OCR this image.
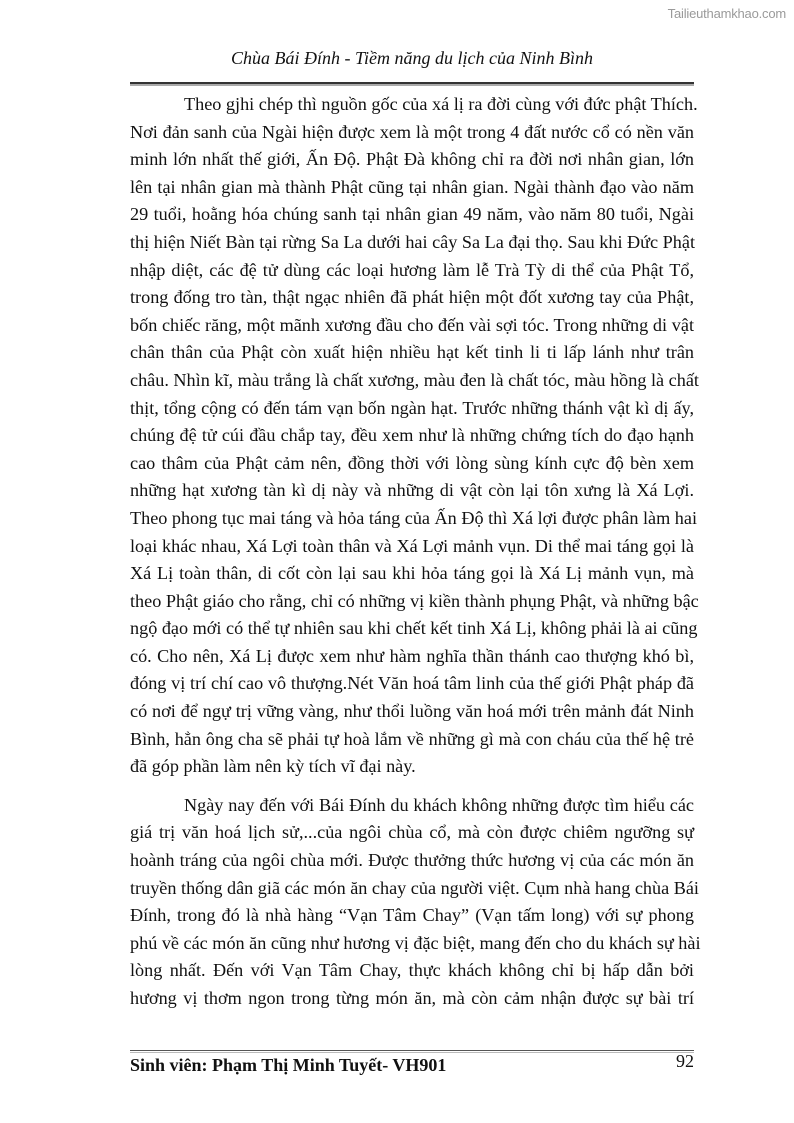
Tailieuthamkhao.com
Chùa Bái Đính - Tiềm năng du lịch của Ninh Bình
Theo gjhi chép thì nguồn gốc của xá lị ra đời cùng với đức phật Thích.
Nơi đản sanh của Ngài hiện được xem là một trong 4 đất nước cổ có nền văn
minh lớn nhất thế giới, Ấn Độ. Phật Đà không chỉ ra đời nơi nhân gian, lớn
lên tại nhân gian mà thành Phật cũng tại nhân gian. Ngài thành đạo vào năm
29 tuổi, hoằng hóa chúng sanh tại nhân gian 49 năm, vào năm 80 tuổi, Ngài
thị hiện Niết Bàn tại rừng Sa La dưới hai cây Sa La đại thọ. Sau khi Đức Phật
nhập diệt, các đệ tử dùng các loại hương làm lễ Trà Tỳ di thể của Phật Tổ,
trong đống tro tàn, thật ngạc nhiên đã phát hiện một đốt xương tay của Phật,
bốn chiếc răng, một mãnh xương đầu cho đến vài sợi tóc. Trong những di vật
chân thân của Phật còn xuất hiện nhiều hạt kết tinh li ti lấp lánh như trân
châu. Nhìn kĩ, màu trắng là chất xương, màu đen là chất tóc, màu hồng là chất
thịt, tổng cộng có đến tám vạn bốn ngàn hạt. Trước những thánh vật kì dị ấy,
chúng đệ tử cúi đầu chắp tay, đều xem như là những chứng tích do đạo hạnh
cao thâm của Phật cảm nên, đồng thời với lòng sùng kính cực độ bèn xem
những hạt xương tàn kì dị này và những di vật còn lại tôn xưng là Xá Lợi.
Theo phong tục mai táng và hỏa táng của Ấn Độ thì Xá lợi được phân làm hai
loại khác nhau, Xá Lợi toàn thân và Xá Lợi mảnh vụn. Di thể mai táng gọi là
Xá Lị toàn thân, di cốt còn lại sau khi hỏa táng gọi là Xá Lị mảnh vụn, mà
theo Phật giáo cho rằng, chỉ có những vị kiền thành phụng Phật, và những bậc
ngộ đạo mới có thể tự nhiên sau khi chết kết tinh Xá Lị, không phải là ai cũng
có. Cho nên, Xá Lị được xem như hàm nghĩa thần thánh cao thượng khó bì,
đóng vị trí chí cao vô thượng.Nét Văn hoá tâm linh của thế giới Phật pháp đã
có nơi để ngự trị vững vàng, như thổi luồng văn hoá mới trên mảnh đát Ninh
Bình, hẳn ông cha sẽ phải tự hoà lắm về những gì mà con cháu của thế hệ trẻ
đã góp phần làm nên kỳ tích vĩ đại này.
Ngày nay đến với Bái Đính du khách không những được tìm hiểu các
giá trị văn hoá lịch sử,...của ngôi chùa cổ, mà còn được chiêm ngưỡng sự
hoành tráng của ngôi chùa mới. Được thưởng thức hương vị của các món ăn
truyền thống dân giã các món ăn chay của người việt. Cụm nhà hang chùa Bái
Đính, trong đó là nhà hàng “Vạn Tâm Chay” (Vạn tấm long) với sự phong
phú về các món ăn cũng như hương vị đặc biệt, mang đến cho du khách sự hài
lòng nhất. Đến với Vạn Tâm Chay, thực khách không chỉ bị hấp dẫn bởi
hương vị thơm ngon trong từng món ăn, mà còn cảm nhận được sự bài trí
Sinh viên: Phạm Thị Minh Tuyết- VH901	92
